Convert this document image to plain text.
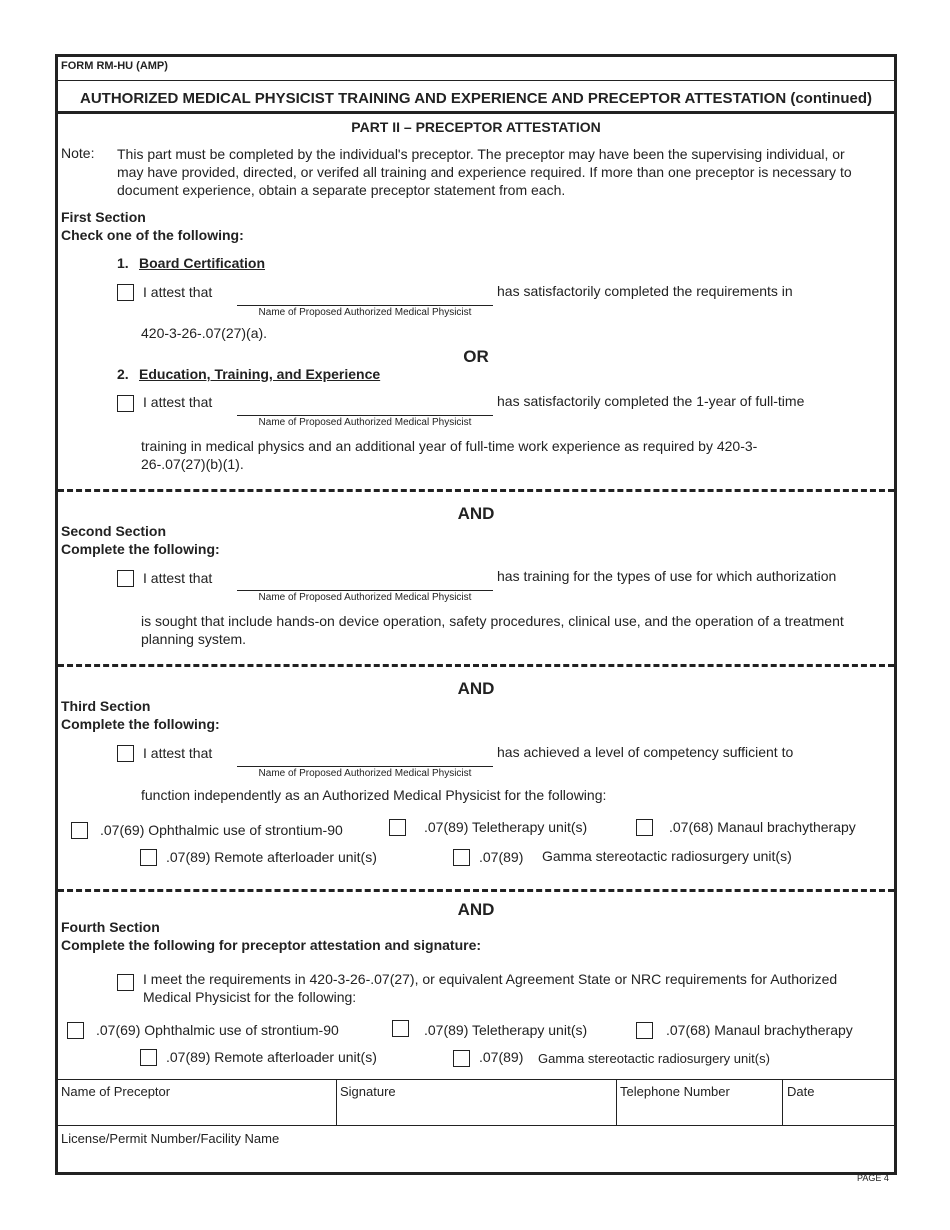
FORM RM-HU (AMP)
AUTHORIZED MEDICAL PHYSICIST TRAINING AND EXPERIENCE AND PRECEPTOR ATTESTATION (continued)
PART II – PRECEPTOR ATTESTATION
Note: This part must be completed by the individual's preceptor. The preceptor may have been the supervising individual, or may have provided, directed, or verifed all training and experience required. If more than one preceptor is necessary to document experience, obtain a separate preceptor statement from each.
First Section
Check one of the following:
1. Board Certification
I attest that
Name of Proposed Authorized Medical Physicist
has satisfactorily completed the requirements in
420-3-26-.07(27)(a).
OR
2. Education, Training, and Experience
I attest that
Name of Proposed Authorized Medical Physicist
has satisfactorily completed the 1-year of full-time
training in medical physics and an additional year of full-time work experience as required by 420-3-26-.07(27)(b)(1).
AND
Second Section
Complete the following:
I attest that
Name of Proposed Authorized Medical Physicist
has training for the types of use for which authorization
is sought that include hands-on device operation, safety procedures, clinical use, and the operation of a treatment planning system.
AND
Third Section
Complete the following:
I attest that
Name of Proposed Authorized Medical Physicist
has achieved a level of competency sufficient to
function independently as an Authorized Medical Physicist for the following:
.07(69) Ophthalmic use of strontium-90	.07(89) Teletherapy unit(s)	.07(68) Manaul brachytherapy
.07(89) Remote afterloader unit(s)	.07(89) Gamma stereotactic radiosurgery unit(s)
AND
Fourth Section
Complete the following for preceptor attestation and signature:
I meet the requirements in 420-3-26-.07(27), or equivalent Agreement State or NRC requirements for Authorized Medical Physicist for the following:
.07(69) Ophthalmic use of strontium-90	.07(89) Teletherapy unit(s)	.07(68) Manaul brachytherapy
.07(89) Remote afterloader unit(s)	.07(89) Gamma stereotactic radiosurgery unit(s)
Name of Preceptor	Signature	Telephone Number	Date
License/Permit Number/Facility Name
PAGE 4
